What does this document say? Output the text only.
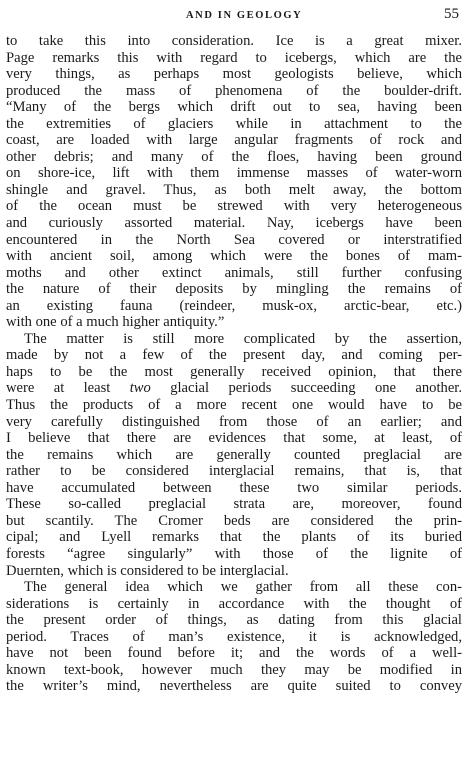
AND IN GEOLOGY	55
to take this into consideration. Ice is a great mixer.
Page remarks this with regard to icebergs, which are the
very things, as perhaps most geologists believe, which
produced the mass of phenomena of the boulder-drift.
“Many of the bergs which drift out to sea, having been
the extremities of glaciers while in attachment to the
coast, are loaded with large angular fragments of rock and
other debris; and many of the floes, having been ground
on shore-ice, lift with them immense masses of water-worn
shingle and gravel. Thus, as both melt away, the bottom
of the ocean must be strewed with very heterogeneous
and curiously assorted material. Nay, icebergs have been
encountered in the North Sea covered or interstratified
with ancient soil, among which were the bones of mam-
moths and other extinct animals, still further confusing
the nature of their deposits by mingling the remains of
an existing fauna (reindeer, musk-ox, arctic-bear, etc.)
with one of a much higher antiquity.”
The matter is still more complicated by the assertion,
made by not a few of the present day, and coming per-
haps to be the most generally received opinion, that there
were at least two glacial periods succeeding one another.
Thus the products of a more recent one would have to be
very carefully distinguished from those of an earlier; and
I believe that there are evidences that some, at least, of
the remains which are generally counted preglacial are
rather to be considered interglacial remains, that is, that
have accumulated between these two similar periods.
These so-called preglacial strata are, moreover, found
but scantily. The Cromer beds are considered the prin-
cipal; and Lyell remarks that the plants of its buried
forests “agree singularly” with those of the lignite of
Duernten, which is considered to be interglacial.
The general idea which we gather from all these con-
siderations is certainly in accordance with the thought of
the present order of things, as dating from this glacial
period. Traces of man’s existence, it is acknowledged,
have not been found before it; and the words of a well-
known text-book, however much they may be modified in
the writer’s mind, nevertheless are quite suited to convey
